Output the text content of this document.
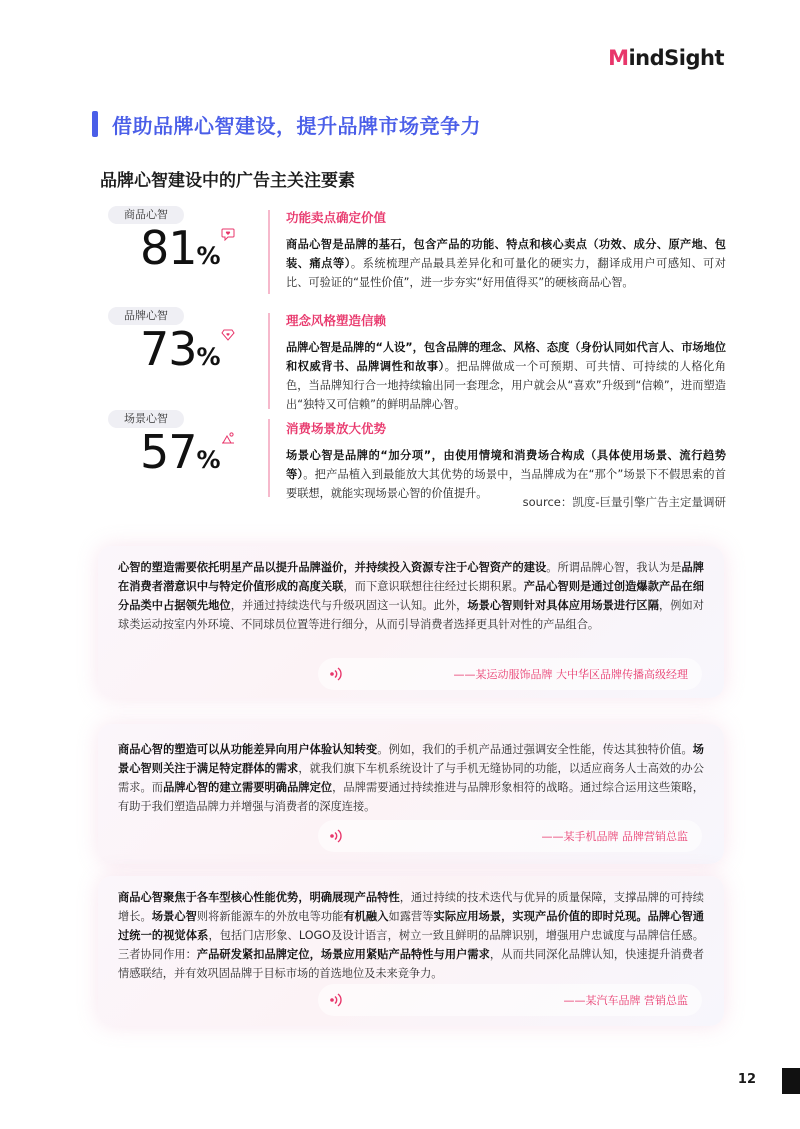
MindSight
借助品牌心智建设，提升品牌市场竞争力
品牌心智建设中的广告主关注要素
商品心智
81%
功能卖点确定价值
商品心智是品牌的基石，包含产品的功能、特点和核心卖点（功效、成分、原产地、包装、痛点等）。系统梳理产品最具差异化和可量化的硬实力，翻译成用户可感知、可对比、可验证的“显性价值”，进一步夯实“好用值得买”的硬核商品心智。
品牌心智
73%
理念风格塑造信赖
品牌心智是品牌的“人设”，包含品牌的理念、风格、态度（身份认同如代言人、市场地位和权威背书、品牌调性和故事）。把品牌做成一个可预期、可共情、可持续的人格化角色，当品牌知行合一地持续输出同一套理念，用户就会从“喜欢”升级到“信赖”，进而塑造出“独特又可信赖”的鲜明品牌心智。
场景心智
57%
消费场景放大优势
场景心智是品牌的“加分项”，由使用情境和消费场合构成（具体使用场景、流行趋势等）。把产品植入到最能放大其优势的场景中，当品牌成为在“那个”场景下不假思索的首要联想，就能实现场景心智的价值提升。
source：凯度-巨量引擎广告主定量调研
心智的塑造需要依托明星产品以提升品牌溢价，并持续投入资源专注于心智资产的建设。所谓品牌心智，我认为是品牌在消费者潜意识中与特定价值形成的高度关联，而下意识联想往往经过长期积累。产品心智则是通过创造爆款产品在细分品类中占据领先地位，并通过持续迭代与升级巩固这一认知。此外，场景心智则针对具体应用场景进行区隔，例如对球类运动按室内外环境、不同球员位置等进行细分，从而引导消费者选择更具针对性的产品组合。
——某运动服饰品牌 大中华区品牌传播高级经理
商品心智的塑造可以从功能差异向用户体验认知转变。例如，我们的手机产品通过强调安全性能，传达其独特价值。场景心智则关注于满足特定群体的需求，就我们旗下车机系统设计了与手机无缝协同的功能，以适应商务人士高效的办公需求。而品牌心智的建立需要明确品牌定位，品牌需要通过持续推进与品牌形象相符的战略。通过综合运用这些策略，有助于我们塑造品牌力并增强与消费者的深度连接。
——某手机品牌 品牌营销总监
商品心智聚焦于各车型核心性能优势，明确展现产品特性，通过持续的技术迭代与优异的质量保障，支撑品牌的可持续增长。场景心智则将新能源车的外放电等功能有机融入如露营等实际应用场景，实现产品价值的即时兑现。品牌心智通过统一的视觉体系，包括门店形象、LOGO及设计语言，树立一致且鲜明的品牌识别，增强用户忠诚度与品牌信任感。三者协同作用：产品研发紧扣品牌定位，场景应用紧贴产品特性与用户需求，从而共同深化品牌认知，快速提升消费者情感联结，并有效巩固品牌于目标市场的首选地位及未来竞争力。
——某汽车品牌 营销总监
12
